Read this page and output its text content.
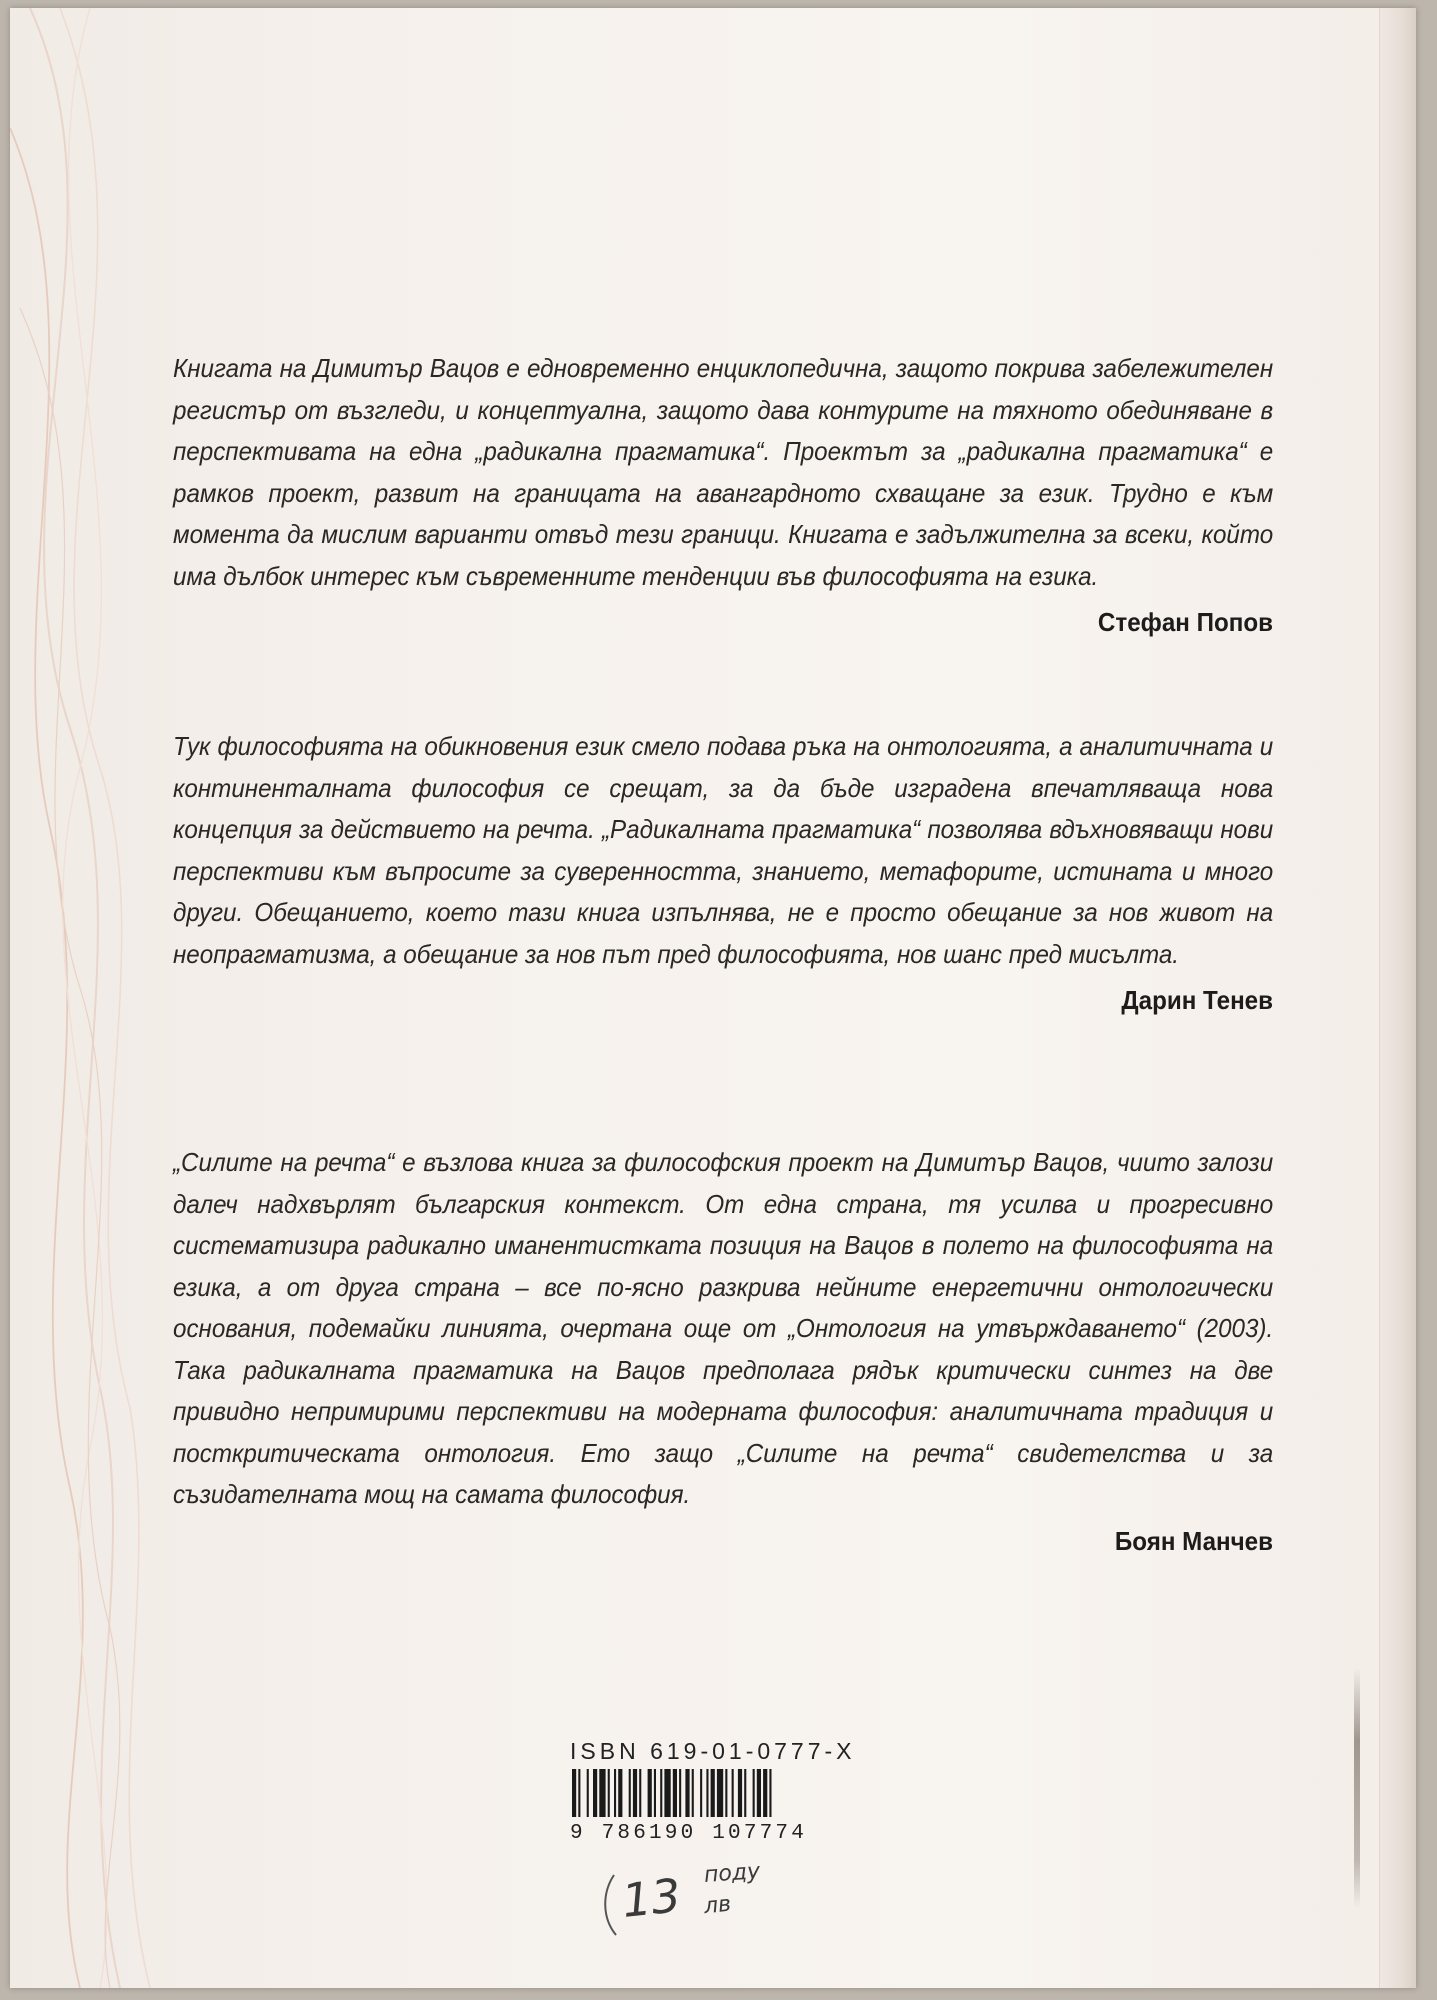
Книгата на Димитър Вацов е едновременно енциклопедична, защото покрива забележителен регистър от възгледи, и концептуална, защото дава контурите на тяхното обединяване в перспективата на една „радикална прагматика“. Проектът за „радикална прагматика“ е рамков проект, развит на границата на авангардното схващане за език. Трудно е към момента да мислим варианти отвъд тези граници. Книгата е задължителна за всеки, който има дълбок интерес към съвременните тенденции във философията на езика.

Стефан Попов

Тук философията на обикновения език смело подава ръка на онтологията, а аналитичната и континенталната философия се срещат, за да бъде изградена впечатляваща нова концепция за действието на речта. „Радикалната прагматика“ позволява вдъхновяващи нови перспективи към въпросите за суверенността, знанието, метафорите, истината и много други. Обещанието, което тази книга изпълнява, не е просто обещание за нов живот на неопрагматизма, а обещание за нов път пред философията, нов шанс пред мисълта.

Дарин Тенев

„Силите на речта“ е възлова книга за философския проект на Димитър Вацов, чиито залози далеч надхвърлят българския контекст. От една страна, тя усилва и прогресивно систематизира радикално иманентистката позиция на Вацов в полето на философията на езика, а от друга страна – все по-ясно разкрива нейните енергетични онтологически основания, подемайки линията, очертана още от „Онтология на утвърждаването“ (2003). Така радикалната прагматика на Вацов предполага рядък критически синтез на две привидно непримирими перспективи на модерната философия: аналитичната традиция и посткритическата онтология. Ето защо „Силите на речта“ свидетелства и за съзидателната мощ на самата философия.

Боян Манчев
ISBN 619-01-0777-X
9 786190 107774
13 поду
лв
